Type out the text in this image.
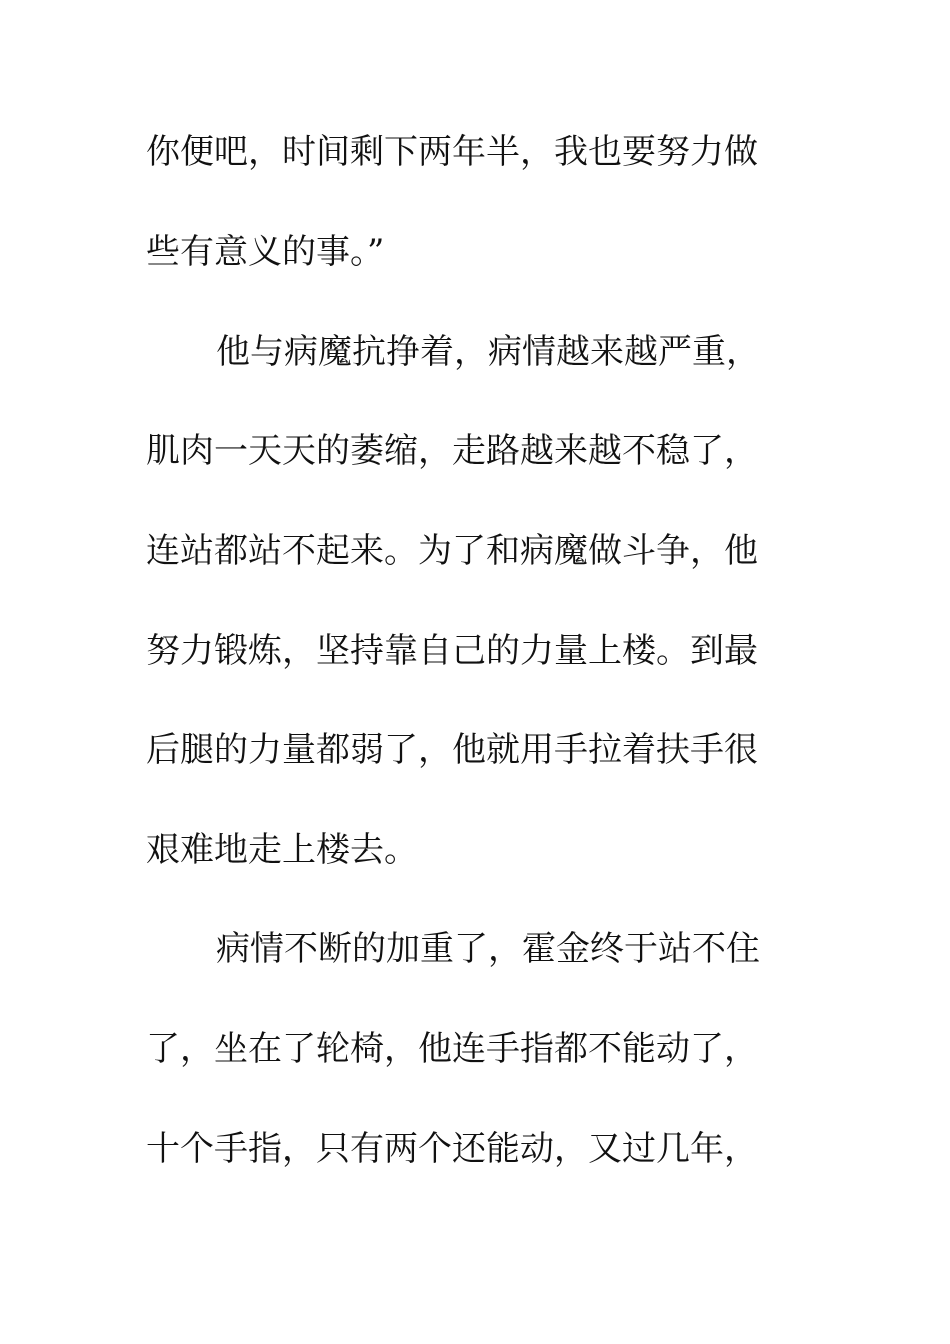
你便吧，时间剩下两年半，我也要努力做
些有意义的事。”
他与病魔抗挣着，病情越来越严重，
肌肉一天天的萎缩，走路越来越不稳了，
连站都站不起来。为了和病魔做斗争，他
努力锻炼，坚持靠自己的力量上楼。到最
后腿的力量都弱了，他就用手拉着扶手很
艰难地走上楼去。
病情不断的加重了，霍金终于站不住
了，坐在了轮椅，他连手指都不能动了，
十个手指，只有两个还能动，又过几年，
